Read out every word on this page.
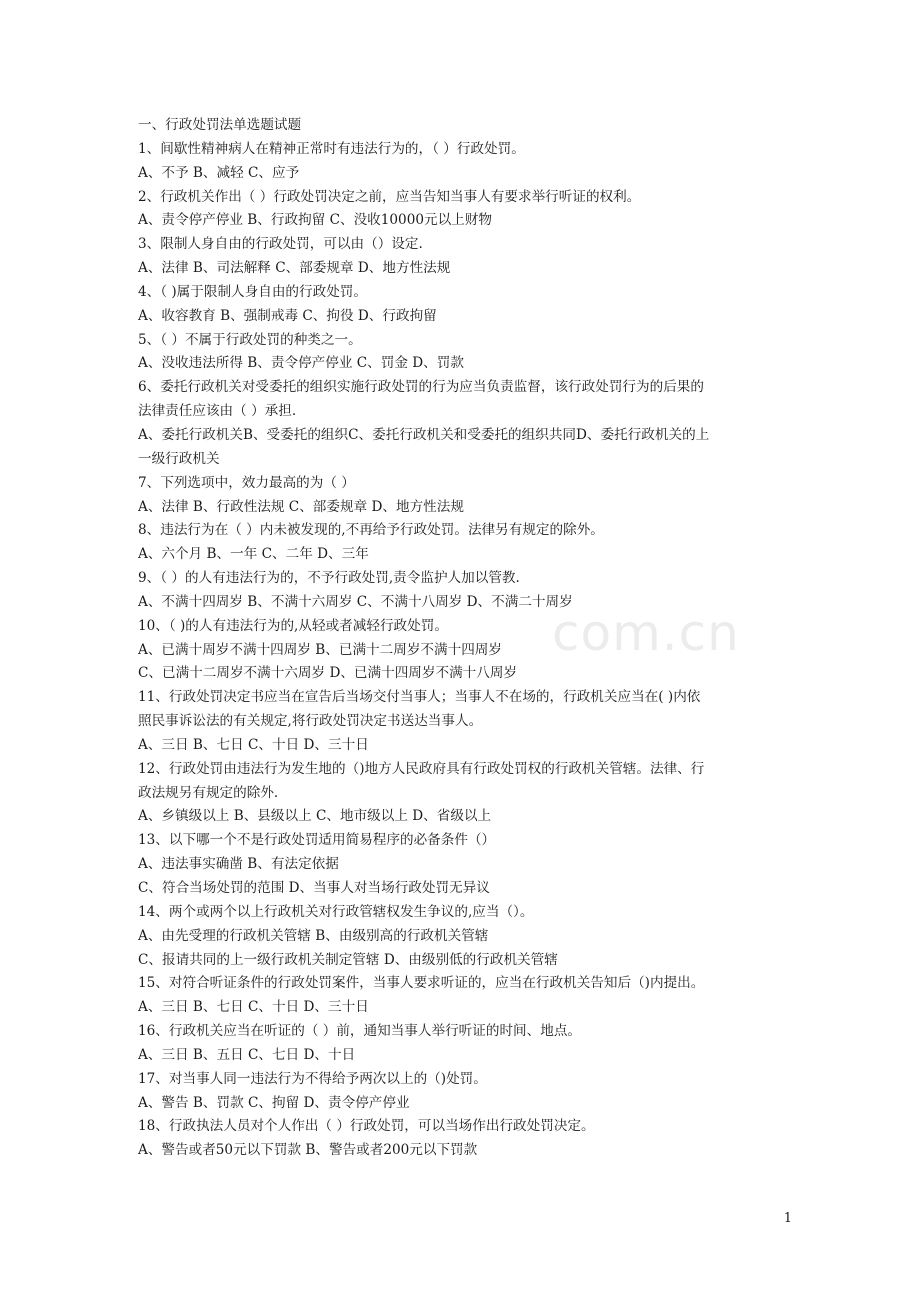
com.cn
一、行政处罚法单选题试题
1、间歇性精神病人在精神正常时有违法行为的，（ ）行政处罚。
A、不予 B、减轻 C、应予
2、行政机关作出（ ）行政处罚决定之前，应当告知当事人有要求举行听证的权利。
A、责令停产停业 B、行政拘留 C、没收10000元以上财物
3、限制人身自由的行政处罚，可以由（）设定.
A、法律 B、司法解释 C、部委规章 D、地方性法规
4、（ )属于限制人身自由的行政处罚。
A、收容教育 B、强制戒毒 C、拘役 D、行政拘留
5、（ ）不属于行政处罚的种类之一。
A、没收违法所得 B、责令停产停业 C、罚金 D、罚款
6、委托行政机关对受委托的组织实施行政处罚的行为应当负责监督，该行政处罚行为的后果的
法律责任应该由（ ）承担.
A、委托行政机关B、受委托的组织C、委托行政机关和受委托的组织共同D、委托行政机关的上
一级行政机关
7、下列选项中，效力最高的为（ ）
A、法律 B、行政性法规 C、部委规章 D、地方性法规
8、违法行为在（ ）内未被发现的,不再给予行政处罚。法律另有规定的除外。
A、六个月 B、一年 C、二年 D、三年
9、（ ）的人有违法行为的，不予行政处罚,责令监护人加以管教.
A、不满十四周岁 B、不满十六周岁 C、不满十八周岁 D、不满二十周岁
10、（ )的人有违法行为的,从轻或者减轻行政处罚。
A、已满十周岁不满十四周岁 B、已满十二周岁不满十四周岁
C、已满十二周岁不满十六周岁 D、已满十四周岁不满十八周岁
11、行政处罚决定书应当在宣告后当场交付当事人；当事人不在场的，行政机关应当在( )内依
照民事诉讼法的有关规定,将行政处罚决定书送达当事人。
A、三日 B、七日 C、十日 D、三十日
12、行政处罚由违法行为发生地的（)地方人民政府具有行政处罚权的行政机关管辖。法律、行
政法规另有规定的除外.
A、乡镇级以上 B、县级以上 C、地市级以上 D、省级以上
13、以下哪一个不是行政处罚适用简易程序的必备条件（）
A、违法事实确凿 B、有法定依据
C、符合当场处罚的范围 D、当事人对当场行政处罚无异议
14、两个或两个以上行政机关对行政管辖权发生争议的,应当（）。
A、由先受理的行政机关管辖 B、由级别高的行政机关管辖
C、报请共同的上一级行政机关制定管辖 D、由级别低的行政机关管辖
15、对符合听证条件的行政处罚案件，当事人要求听证的，应当在行政机关告知后（)内提出。
A、三日 B、七日 C、十日 D、三十日
16、行政机关应当在听证的（ ）前，通知当事人举行听证的时间、地点。
A、三日 B、五日 C、七日 D、十日
17、对当事人同一违法行为不得给予两次以上的（)处罚。
A、警告 B、罚款 C、拘留 D、责令停产停业
18、行政执法人员对个人作出（ ）行政处罚，可以当场作出行政处罚决定。
A、警告或者50元以下罚款 B、警告或者200元以下罚款
1
